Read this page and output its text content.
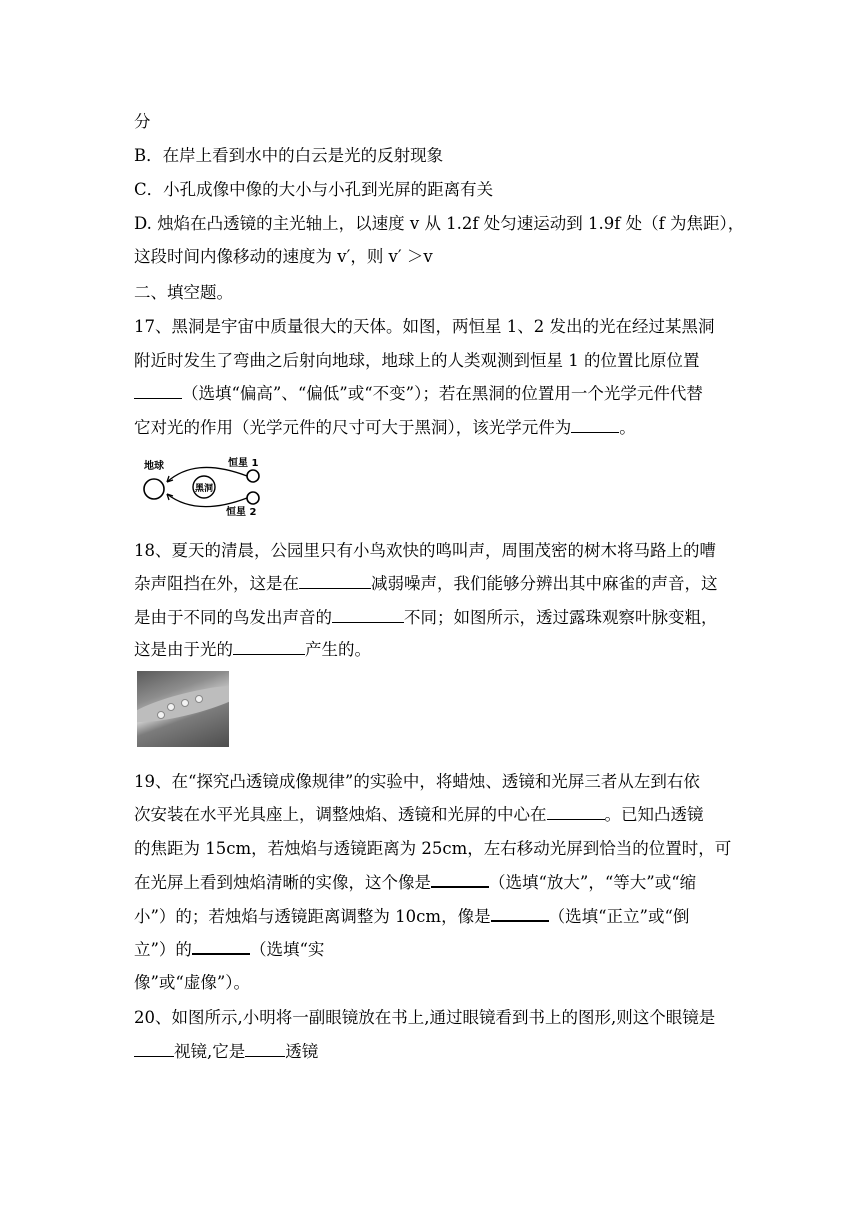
分
B．在岸上看到水中的白云是光的反射现象
C．小孔成像中像的大小与小孔到光屏的距离有关
D. 烛焰在凸透镜的主光轴上，以速度 v 从 1.2f 处匀速运动到 1.9f 处（f 为焦距），
这段时间内像移动的速度为 v′，则 v′ ＞v
二、填空题。
17、黑洞是宇宙中质量很大的天体。如图，两恒星 1、2 发出的光在经过某黑洞
附近时发生了弯曲之后射向地球，地球上的人类观测到恒星 1 的位置比原位置
（选填“偏高”、“偏低”或“不变”）；若在黑洞的位置用一个光学元件代替
它对光的作用（光学元件的尺寸可大于黑洞），该光学元件为	。
地球	恒星 1
恒星 2
黑洞
18、夏天的清晨，公园里只有小鸟欢快的鸣叫声，周围茂密的树木将马路上的嘈
杂声阻挡在外，这是在	减弱噪声，我们能够分辨出其中麻雀的声音，这
是由于不同的鸟发出声音的	不同；如图所示，透过露珠观察叶脉变粗，
这是由于光的	产生的。
19、在“探究凸透镜成像规律”的实验中，将蜡烛、透镜和光屏三者从左到右依
次安装在水平光具座上，调整烛焰、透镜和光屏的中心在	。已知凸透镜
的焦距为 15cm，若烛焰与透镜距离为 25cm，左右移动光屏到恰当的位置时，可
在光屏上看到烛焰清晰的实像，这个像是	（选填“放大”，“等大”或“缩
小”）的；若烛焰与透镜距离调整为 10cm，像是	（选填“正立”或“倒
立”）的	（选填“实
像”或“虚像”）。
20、如图所示,小明将一副眼镜放在书上,通过眼镜看到书上的图形,则这个眼镜是
视镜,它是 透镜
